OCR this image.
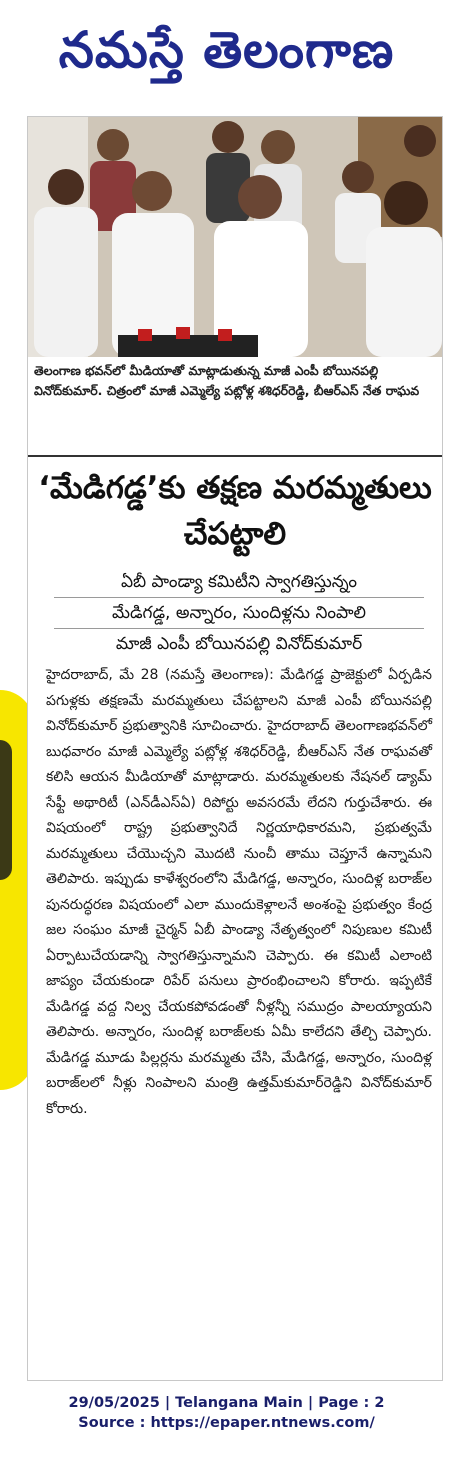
నమస్తే తెలంగాణ
తెలంగాణ భవన్‌లో మీడియాతో మాట్లాడుతున్న మాజీ ఎంపీ బోయినపల్లి వినోద్‌కుమార్. చిత్రంలో మాజీ ఎమ్మెల్యే పట్లోళ్ల శశిధర్‌రెడ్డి, బీఆర్‌ఎస్ నేత రాఘవ
‘మేడిగడ్డ’కు తక్షణ మరమ్మతులు చేపట్టాలి
ఏబీ పాండ్యా కమిటీని స్వాగతిస్తున్నం
మేడిగడ్డ, అన్నారం, సుందిళ్లను నింపాలి
మాజీ ఎంపీ బోయినపల్లి వినోద్‌కుమార్
హైదరాబాద్, మే 28 (నమస్తే తెలంగాణ): మేడిగడ్డ ప్రాజెక్టులో ఏర్పడిన పగుళ్లకు తక్షణమే మరమ్మతులు చేపట్టాలని మాజీ ఎంపీ బోయినపల్లి వినోద్‌కుమార్ ప్రభుత్వానికి సూచించారు. హైదరాబాద్ తెలంగాణభవన్‌లో బుధవారం మాజీ ఎమ్మెల్యే పట్లోళ్ల శశిధర్‌రెడ్డి, బీఆర్‌ఎస్ నేత రాఘవతో కలిసి ఆయన మీడియాతో మాట్లాడారు. మరమ్మతులకు నేషనల్ డ్యామ్ సేఫ్టీ అథారిటీ (ఎన్‌డీఎస్‌ఏ) రిపోర్టు అవసరమే లేదని గుర్తుచేశారు. ఈ విషయంలో రాష్ట్ర ప్రభుత్వానిదే నిర్ణయాధికారమని, ప్రభుత్వమే మరమ్మతులు చేయొచ్చని మొదటి నుంచీ తాము చెప్తూనే ఉన్నామని తెలిపారు. ఇప్పుడు కాళేశ్వరంలోని మేడిగడ్డ, అన్నారం, సుందిళ్ల బరాజ్‌ల పునరుద్ధరణ విషయంలో ఎలా ముందుకెళ్లాలనే అంశంపై ప్రభుత్వం కేంద్ర జల సంఘం మాజీ చైర్మన్ ఏబీ పాండ్యా నేతృత్వంలో నిపుణుల కమిటీ ఏర్పాటుచేయడాన్ని స్వాగతిస్తున్నామని చెప్పారు. ఈ కమిటీ ఎలాంటి జాప్యం చేయకుండా రిపేర్ పనులు ప్రారంభించాలని కోరారు. ఇప్పటికే మేడిగడ్డ వద్ద నిల్వ చేయకపోవడంతో నీళ్లన్నీ సముద్రం పాలయ్యాయని తెలిపారు. అన్నారం, సుందిళ్ల బరాజ్‌లకు ఏమీ కాలేదని తేల్చి చెప్పారు. మేడిగడ్డ మూడు పిల్లర్లను మరమ్మతు చేసి, మేడిగడ్డ, అన్నారం, సుందిళ్ల బరాజ్‌లలో నీళ్లు నింపాలని మంత్రి ఉత్తమ్‌కుమార్‌రెడ్డిని వినోద్‌కుమార్ కోరారు.
29/05/2025 | Telangana Main | Page : 2
Source : https://epaper.ntnews.com/
